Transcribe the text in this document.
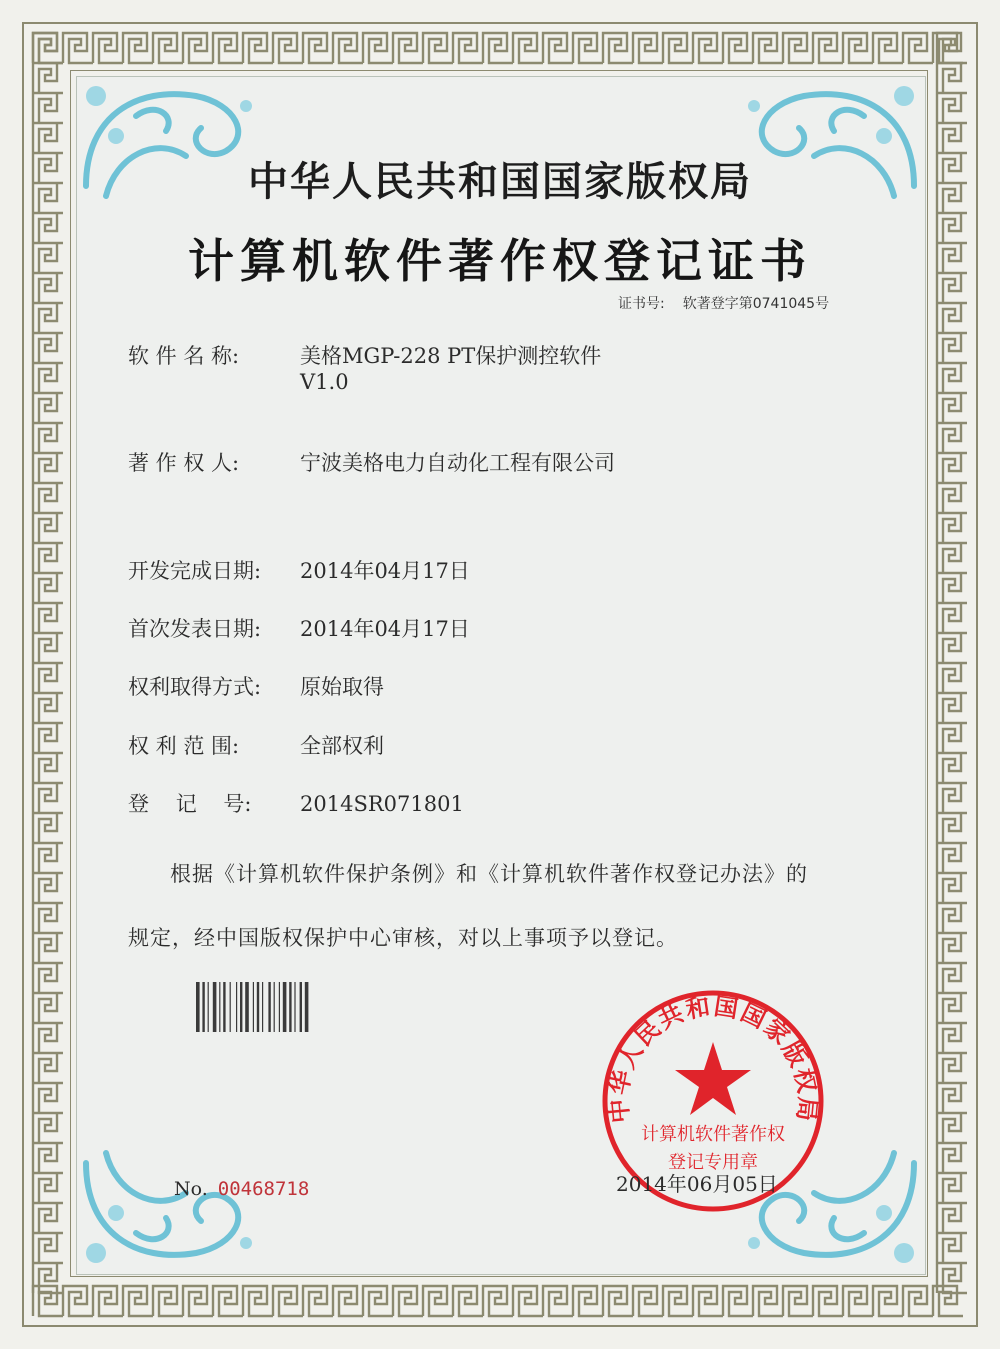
中华人民共和国国家版权局
计算机软件著作权登记证书
证书号: 软著登字第0741045号
软 件 名 称:	美格MGP-228 PT保护测控软件
V1.0
著 作 权 人:	宁波美格电力自动化工程有限公司
开发完成日期: 2014年04月17日
首次发表日期: 2014年04月17日
权利取得方式: 原始取得
权 利 范 围:	全部权利
登    记    号: 2014SR071801
根据《计算机软件保护条例》和《计算机软件著作权登记办法》的
规定，经中国版权保护中心审核，对以上事项予以登记。
中华人民共和国国家版权局
计算机软件著作权
登记专用章
No. 00468718	2014年06月05日
